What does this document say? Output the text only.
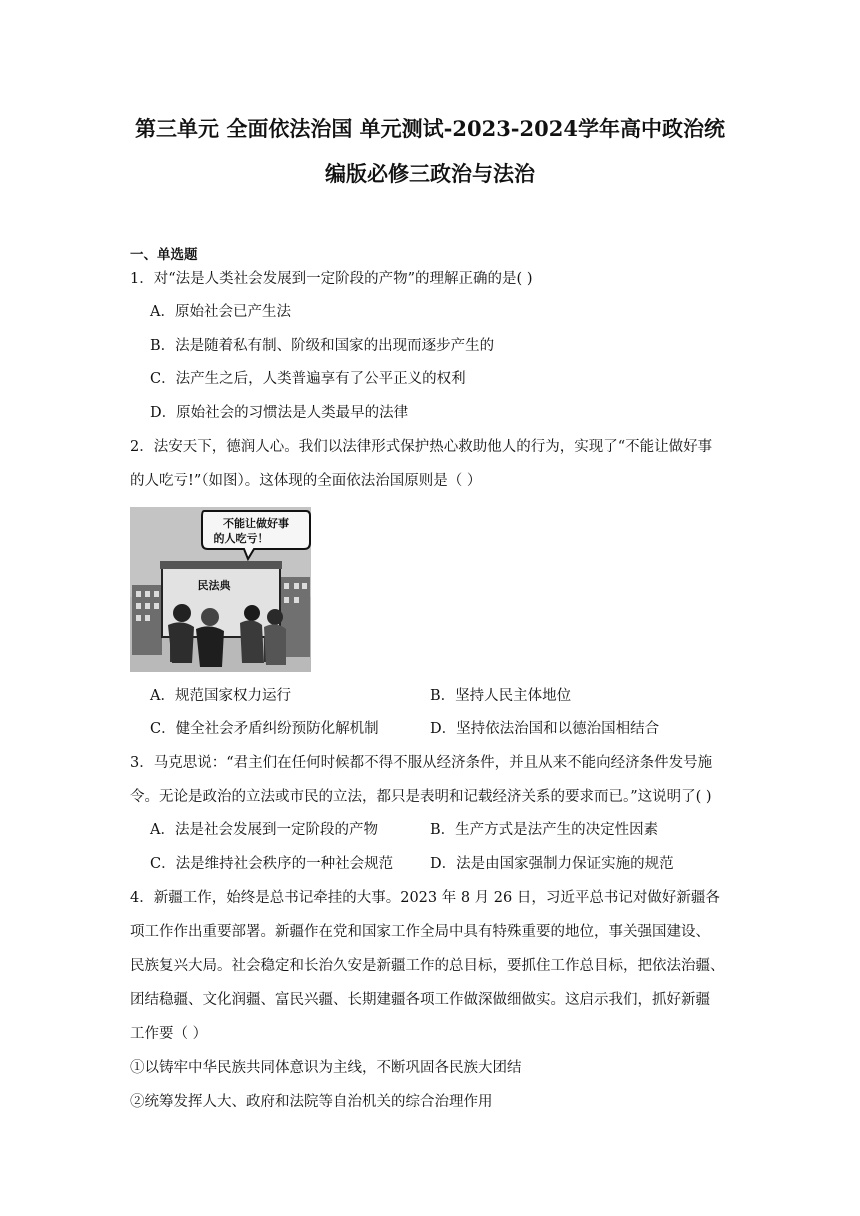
第三单元 全面依法治国 单元测试-2023-2024学年高中政治统
编版必修三政治与法治
一、单选题
1．对“法是人类社会发展到一定阶段的产物”的理解正确的是( )
A．原始社会已产生法
B．法是随着私有制、阶级和国家的出现而逐步产生的
C．法产生之后，人类普遍享有了公平正义的权利
D．原始社会的习惯法是人类最早的法律
2．法安天下，德润人心。我们以法律形式保护热心救助他人的行为，实现了“不能让做好事
的人吃亏!”（如图）。这体现的全面依法治国原则是（ ）
不能让做好事
的人吃亏！
民法典
A．规范国家权力运行	B．坚持人民主体地位
C．健全社会矛盾纠纷预防化解机制	D．坚持依法治国和以德治国相结合
3．马克思说：“君主们在任何时候都不得不服从经济条件，并且从来不能向经济条件发号施
令。无论是政治的立法或市民的立法，都只是表明和记载经济关系的要求而已。”这说明了( )
A．法是社会发展到一定阶段的产物	B．生产方式是法产生的决定性因素
C．法是维持社会秩序的一种社会规范	D．法是由国家强制力保证实施的规范
4．新疆工作，始终是总书记牵挂的大事。2023 年 8 月 26 日，习近平总书记对做好新疆各
项工作作出重要部署。新疆作在党和国家工作全局中具有特殊重要的地位，事关强国建设、
民族复兴大局。社会稳定和长治久安是新疆工作的总目标，要抓住工作总目标，把依法治疆、
团结稳疆、文化润疆、富民兴疆、长期建疆各项工作做深做细做实。这启示我们，抓好新疆
工作要（ ）
①以铸牢中华民族共同体意识为主线，不断巩固各民族大团结
②统筹发挥人大、政府和法院等自治机关的综合治理作用
